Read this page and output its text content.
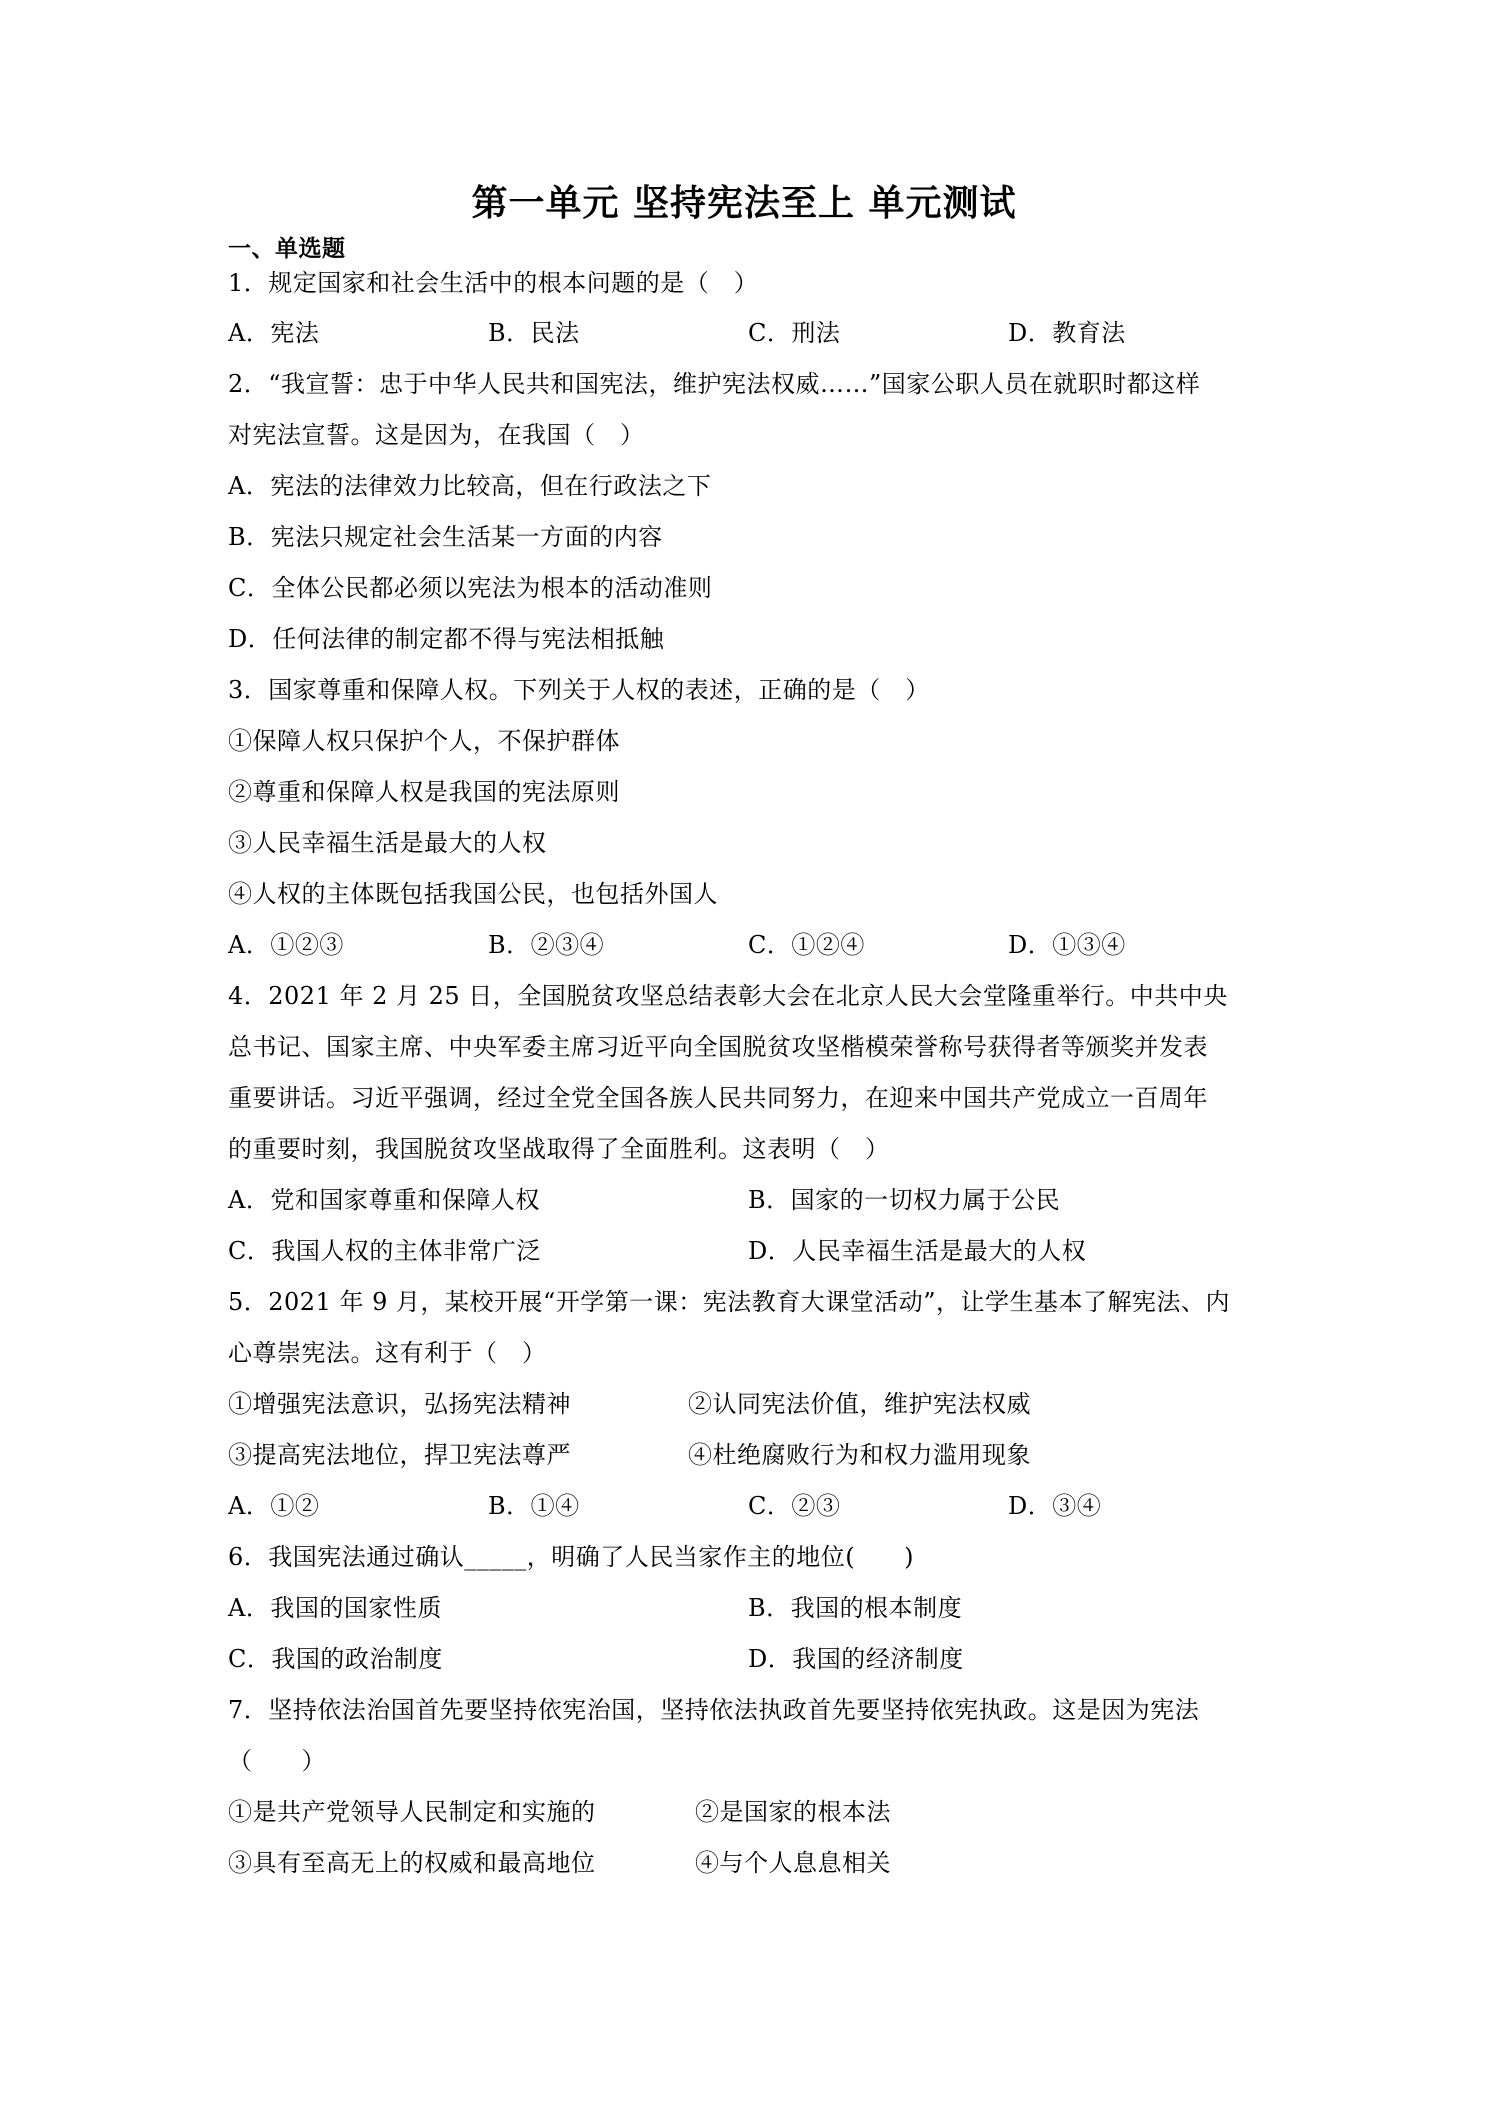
第一单元 坚持宪法至上 单元测试
一、单选题
1．规定国家和社会生活中的根本问题的是（　）
A．宪法	B．民法	C．刑法	D．教育法
2．“我宣誓：忠于中华人民共和国宪法，维护宪法权威……”国家公职人员在就职时都这样
对宪法宣誓。这是因为，在我国（　）
A．宪法的法律效力比较高，但在行政法之下
B．宪法只规定社会生活某一方面的内容
C．全体公民都必须以宪法为根本的活动准则
D．任何法律的制定都不得与宪法相抵触
3．国家尊重和保障人权。下列关于人权的表述，正确的是（　）
①保障人权只保护个人，不保护群体
②尊重和保障人权是我国的宪法原则
③人民幸福生活是最大的人权
④人权的主体既包括我国公民，也包括外国人
A．①②③	B．②③④	C．①②④	D．①③④
4．2021 年 2 月 25 日，全国脱贫攻坚总结表彰大会在北京人民大会堂隆重举行。中共中央
总书记、国家主席、中央军委主席习近平向全国脱贫攻坚楷模荣誉称号获得者等颁奖并发表
重要讲话。习近平强调，经过全党全国各族人民共同努力，在迎来中国共产党成立一百周年
的重要时刻，我国脱贫攻坚战取得了全面胜利。这表明（　）
A．党和国家尊重和保障人权	B．国家的一切权力属于公民
C．我国人权的主体非常广泛	D．人民幸福生活是最大的人权
5．2021 年 9 月，某校开展“开学第一课：宪法教育大课堂活动”，让学生基本了解宪法、内
心尊崇宪法。这有利于（　）
①增强宪法意识，弘扬宪法精神	②认同宪法价值，维护宪法权威
③提高宪法地位，捍卫宪法尊严	④杜绝腐败行为和权力滥用现象
A．①②	B．①④	C．②③	D．③④
6．我国宪法通过确认_____，明确了人民当家作主的地位(　　)
A．我国的国家性质	B．我国的根本制度
C．我国的政治制度	D．我国的经济制度
7．坚持依法治国首先要坚持依宪治国，坚持依法执政首先要坚持依宪执政。这是因为宪法
（　　）
①是共产党领导人民制定和实施的	②是国家的根本法
③具有至高无上的权威和最高地位	④与个人息息相关
